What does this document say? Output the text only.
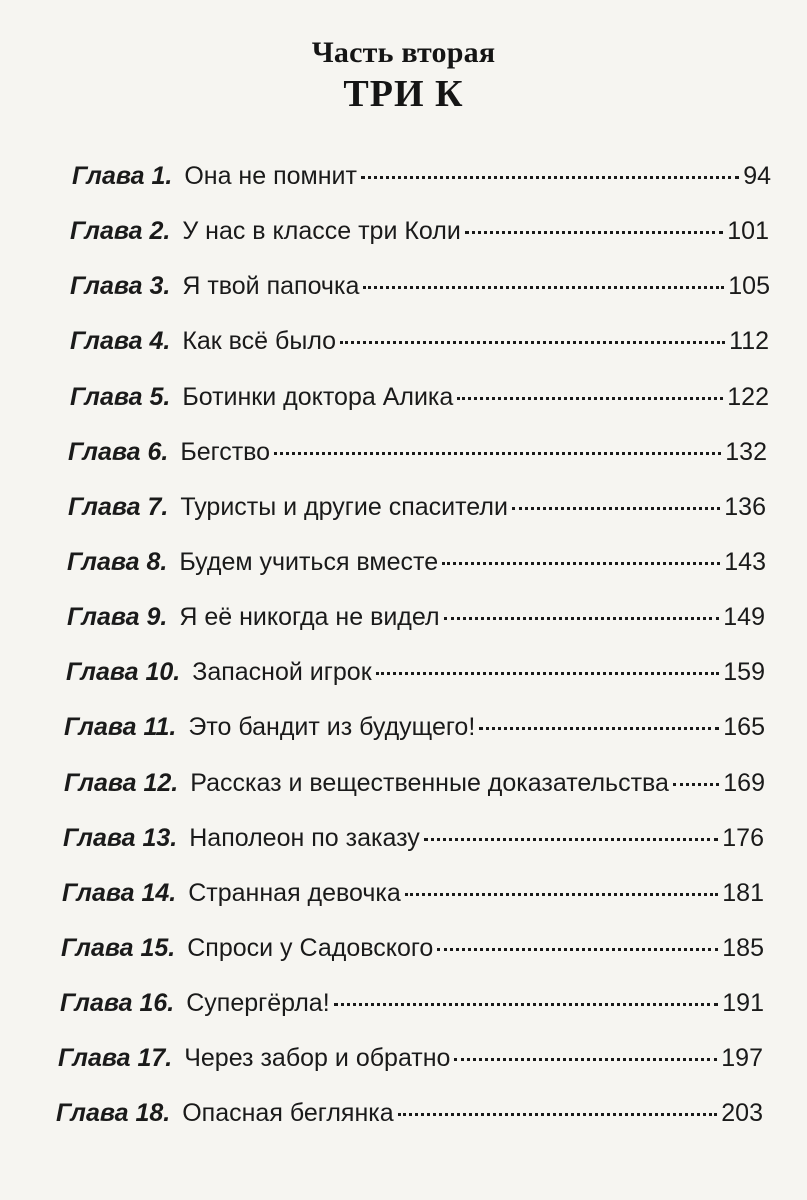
Часть вторая
ТРИ К
Глава 1. Она не помнит	94
Глава 2. У нас в классе три Коли	101
Глава 3. Я твой папочка	105
Глава 4. Как всё было	112
Глава 5. Ботинки доктора Алика	122
Глава 6. Бегство	132
Глава 7. Туристы и другие спасители	136
Глава 8. Будем учиться вместе	143
Глава 9. Я её никогда не видел	149
Глава 10. Запасной игрок	159
Глава 11. Это бандит из будущего!	165
Глава 12. Рассказ и вещественные доказательства 169
Глава 13. Наполеон по заказу	176
Глава 14. Странная девочка	181
Глава 15. Спроси у Садовского	185
Глава 16. Супергёрла!	191
Глава 17. Через забор и обратно	197
Глава 18. Опасная беглянка	203
